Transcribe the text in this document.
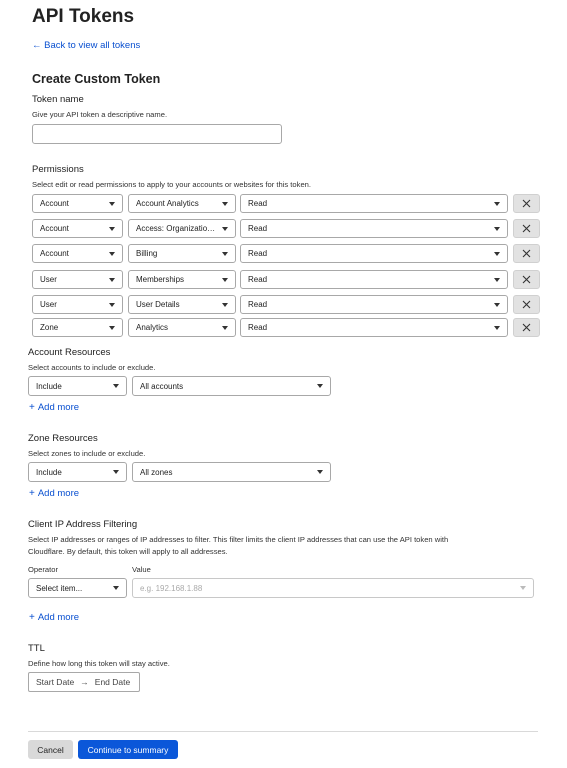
API Tokens
← Back to view all tokens
Create Custom Token
Token name
Give your API token a descriptive name.
Permissions
Select edit or read permissions to apply to your accounts or websites for this token.
Account	Account Analytics	Read
Account	Access: Organization...	Read
Account	Billing	Read
User	Memberships	Read
User	User Details	Read
Zone	Analytics	Read
Account Resources
Select accounts to include or exclude.
Include	All accounts
+ Add more
Zone Resources
Select zones to include or exclude.
Include	All zones
+ Add more
Client IP Address Filtering
Select IP addresses or ranges of IP addresses to filter. This filter limits the client IP addresses that can use the API token with
Cloudflare. By default, this token will apply to all addresses.
Operator	Value
Select item...	e.g. 192.168.1.88
+ Add more
TTL
Define how long this token will stay active.
Start Date → End Date
Cancel	Continue to summary
